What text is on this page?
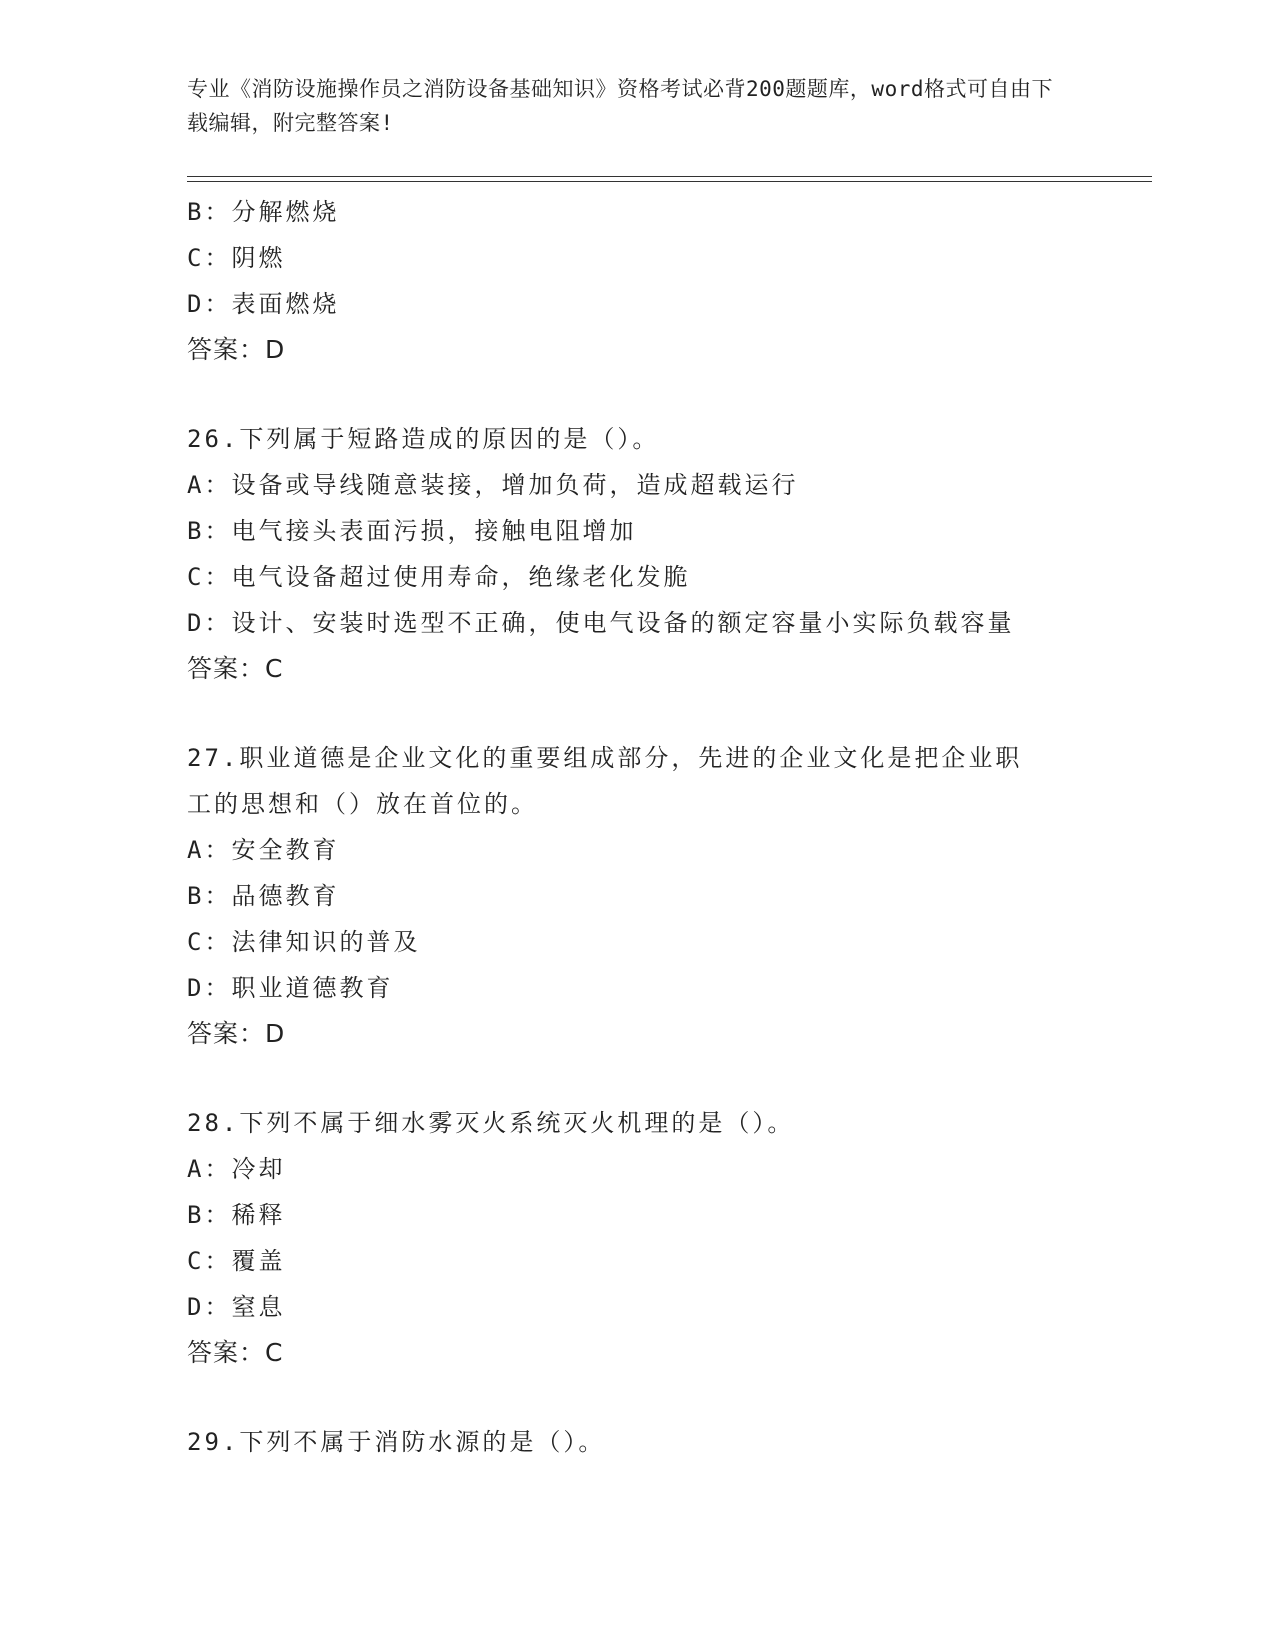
专业《消防设施操作员之消防设备基础知识》资格考试必背200题题库，word格式可自由下载编辑，附完整答案!
B：分解燃烧
C：阴燃
D：表面燃烧
答案：D
26.下列属于短路造成的原因的是（）。
A：设备或导线随意装接，增加负荷，造成超载运行
B：电气接头表面污损，接触电阻增加
C：电气设备超过使用寿命，绝缘老化发脆
D：设计、安装时选型不正确，使电气设备的额定容量小实际负载容量
答案：C
27.职业道德是企业文化的重要组成部分，先进的企业文化是把企业职
工的思想和（）放在首位的。
A：安全教育
B：品德教育
C：法律知识的普及
D：职业道德教育
答案：D
28.下列不属于细水雾灭火系统灭火机理的是（）。
A：冷却
B：稀释
C：覆盖
D：窒息
答案：C
29.下列不属于消防水源的是（）。
